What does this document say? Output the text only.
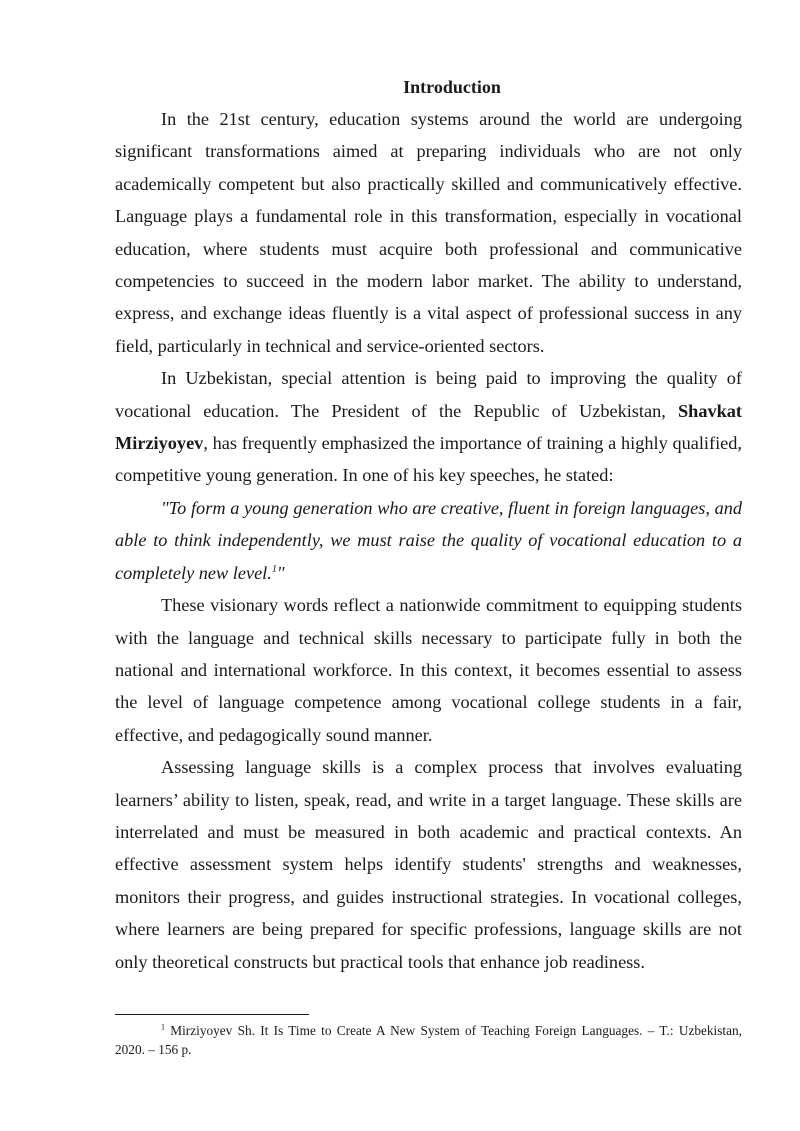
Introduction

In the 21st century, education systems around the world are undergoing significant transformations aimed at preparing individuals who are not only academically competent but also practically skilled and communicatively effective. Language plays a fundamental role in this transformation, especially in vocational education, where students must acquire both professional and communicative competencies to succeed in the modern labor market. The ability to understand, express, and exchange ideas fluently is a vital aspect of professional success in any field, particularly in technical and service-oriented sectors.

In Uzbekistan, special attention is being paid to improving the quality of vocational education. The President of the Republic of Uzbekistan, Shavkat Mirziyoyev, has frequently emphasized the importance of training a highly qualified, competitive young generation. In one of his key speeches, he stated:

"To form a young generation who are creative, fluent in foreign languages, and able to think independently, we must raise the quality of vocational education to a completely new level.$^1$"

These visionary words reflect a nationwide commitment to equipping students with the language and technical skills necessary to participate fully in both the national and international workforce. In this context, it becomes essential to assess the level of language competence among vocational college students in a fair, effective, and pedagogically sound manner.

Assessing language skills is a complex process that involves evaluating learners’ ability to listen, speak, read, and write in a target language. These skills are interrelated and must be measured in both academic and practical contexts. An effective assessment system helps identify students' strengths and weaknesses, monitors their progress, and guides instructional strategies. In vocational colleges, where learners are being prepared for specific professions, language skills are not only theoretical constructs but practical tools that enhance job readiness.

$^1$ Mirziyoyev Sh. It Is Time to Create A New System of Teaching Foreign Languages. – T.: Uzbekistan, 2020. – 156 p.
